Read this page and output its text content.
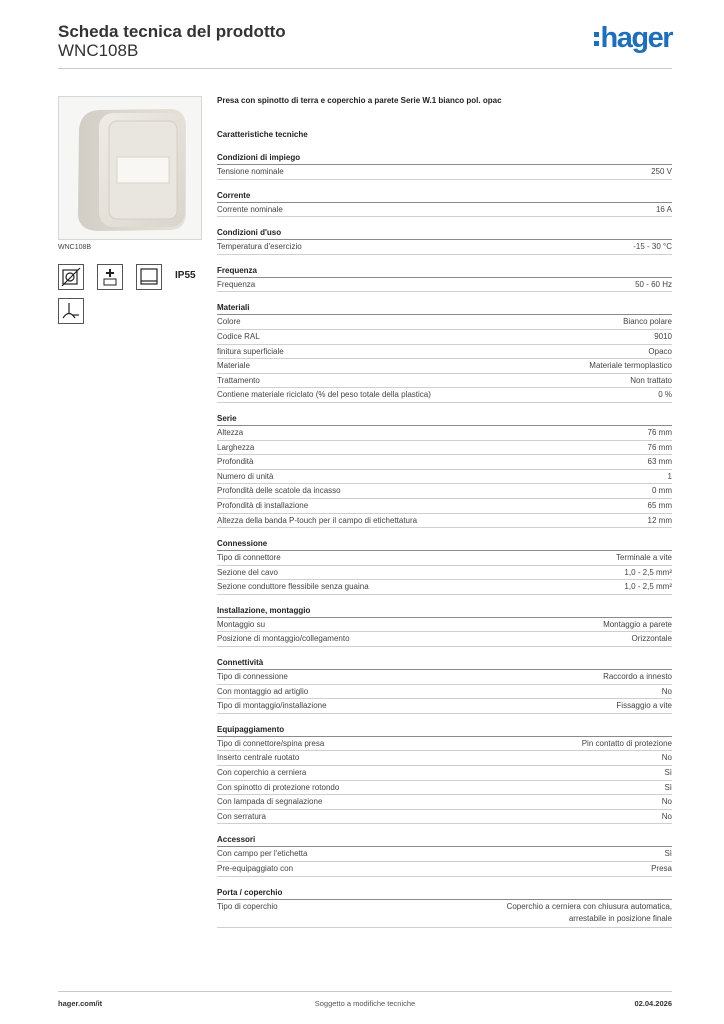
Scheda tecnica del prodotto
WNC108B	hager
WNC108B
IP55
Presa con spinotto di terra e coperchio a parete Serie W.1 bianco pol. opac
Caratteristiche tecniche
Condizioni di impiego
Tensione nominale	250 V
Corrente
Corrente nominale	16 A
Condizioni d'uso
Temperatura d'esercizio	-15 - 30 °C
Frequenza
Frequenza	50 - 60 Hz
Materiali
Colore	Bianco polare
Codice RAL	9010
finitura superficiale	Opaco
Materiale	Materiale termoplastico
Trattamento	Non trattato
Contiene materiale riciclato (% del peso totale della plastica)	0 %
Serie
Altezza	76 mm
Larghezza	76 mm
Profondità	63 mm
Numero di unità	1
Profondità delle scatole da incasso	0 mm
Profondità di installazione	65 mm
Altezza della banda P-touch per il campo di etichettatura	12 mm
Connessione
Tipo di connettore	Terminale a vite
Sezione del cavo	1,0 - 2,5 mm²
Sezione conduttore flessibile senza guaina	1,0 - 2,5 mm²
Installazione, montaggio
Montaggio su	Montaggio a parete
Posizione di montaggio/collegamento	Orizzontale
Connettività
Tipo di connessione	Raccordo a innesto
Con montaggio ad artiglio	No
Tipo di montaggio/installazione	Fissaggio a vite
Equipaggiamento
Tipo di connettore/spina presa	Pin contatto di protezione
Inserto centrale ruotato	No
Con coperchio a cerniera	Sì
Con spinotto di protezione rotondo	Sì
Con lampada di segnalazione	No
Con serratura	No
Accessori
Con campo per l'etichetta	Sì
Pre-equipaggiato con	Presa
Porta / coperchio
Tipo di coperchio	Coperchio a cerniera con chiusura automatica, arrestabile in posizione finale
hager.com/it	Soggetto a modifiche tecniche	02.04.2026
